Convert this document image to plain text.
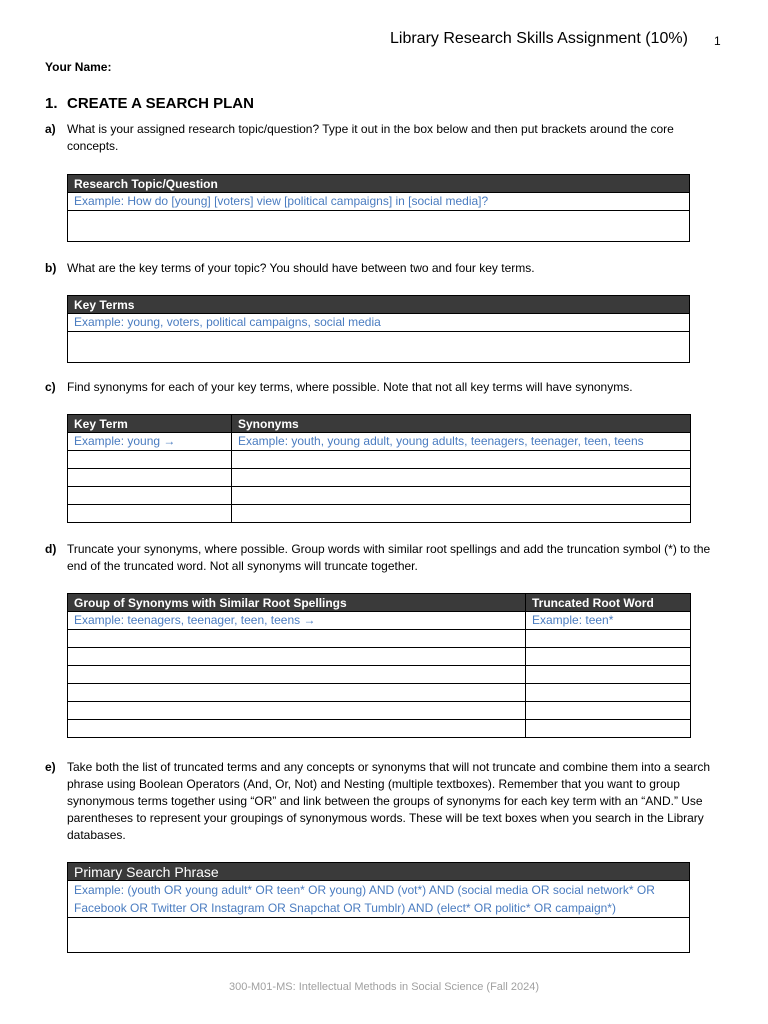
Library Research Skills Assignment (10%) 1
Your Name:
1. CREATE A SEARCH PLAN
a) What is your assigned research topic/question? Type it out in the box below and then put brackets around the core concepts.
Research Topic/Question
Example: How do [young] [voters] view [political campaigns] in [social media]?

b) What are the key terms of your topic? You should have between two and four key terms.
Key Terms
Example: young, voters, political campaigns, social media

c) Find synonyms for each of your key terms, where possible. Note that not all key terms will have synonyms.
Key Term	Synonyms
Example: young →	Example: youth, young adult, young adults, teenagers, teenager, teen, teens

d) Truncate your synonyms, where possible. Group words with similar root spellings and add the truncation symbol (*) to the end of the truncated word. Not all synonyms will truncate together.
Group of Synonyms with Similar Root Spellings	Truncated Root Word
Example: teenagers, teenager, teen, teens →	Example: teen*

e) Take both the list of truncated terms and any concepts or synonyms that will not truncate and combine them into a search phrase using Boolean Operators (And, Or, Not) and Nesting (multiple textboxes). Remember that you want to group synonymous terms together using “OR” and link between the groups of synonyms for each key term with an “AND.” Use parentheses to represent your groupings of synonymous words. These will be text boxes when you search in the Library databases.
Primary Search Phrase
Example: (youth OR young adult* OR teen* OR young) AND (vot*) AND (social media OR social network* OR Facebook OR Twitter OR Instagram OR Snapchat OR Tumblr) AND (elect* OR politic* OR campaign*)

300-M01-MS: Intellectual Methods in Social Science (Fall 2024)
